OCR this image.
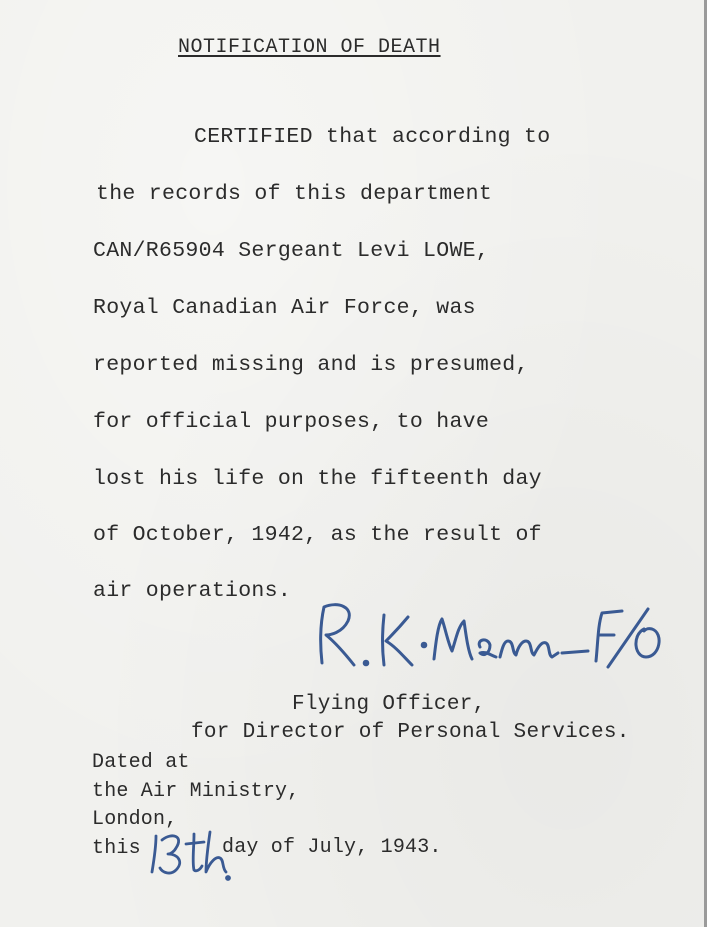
NOTIFICATION OF DEATH
CERTIFIED that according to
the records of this department
CAN/R65904 Sergeant Levi LOWE,
Royal Canadian Air Force, was
reported missing and is presumed,
for official purposes, to have
lost his life on the fifteenth day
of October, 1942, as the result of
air operations.
Flying Officer,
for Director of Personal Services.
Dated at
the Air Ministry,
London,
this	day of July, 1943.
